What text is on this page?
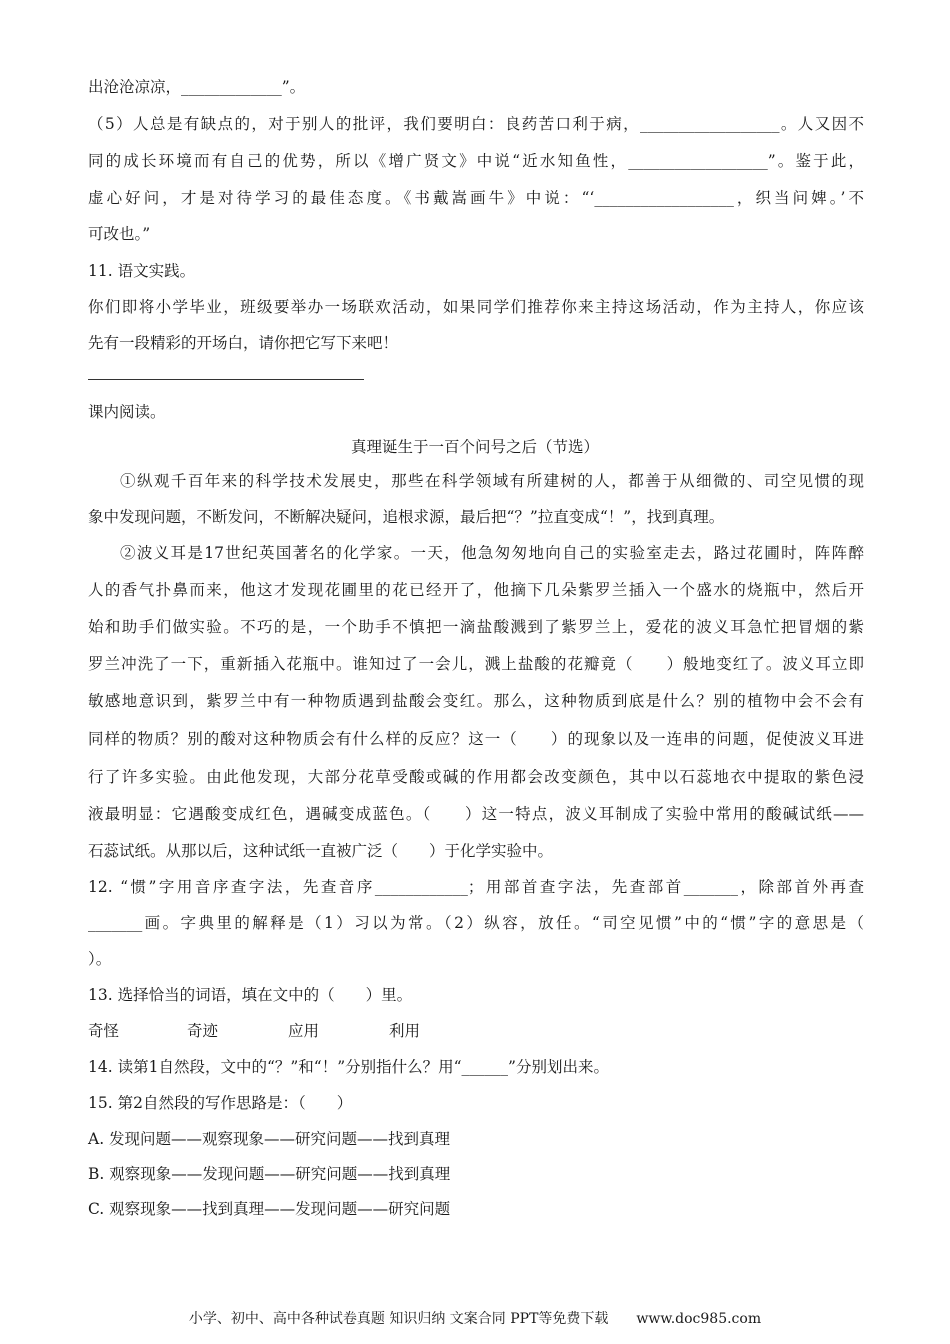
出沧沧凉凉，_____________”。
（5）人总是有缺点的，对于别人的批评，我们要明白：良药苦口利于病，__________________。人又因不
同的成长环境而有自己的优势，所以《增广贤文》中说“近水知鱼性，__________________”。鉴于此，
虚心好问，才是对待学习的最佳态度。《书戴嵩画牛》中说：“‘__________________，织当问婢。’不
可改也。”
11. 语文实践。
你们即将小学毕业，班级要举办一场联欢活动，如果同学们推荐你来主持这场活动，作为主持人，你应该
先有一段精彩的开场白，请你把它写下来吧！
课内阅读。
真理诞生于一百个问号之后（节选）
①纵观千百年来的科学技术发展史，那些在科学领域有所建树的人，都善于从细微的、司空见惯的现
象中发现问题，不断发问，不断解决疑问，追根求源，最后把“？”拉直变成“！”，找到真理。
②波义耳是17世纪英国著名的化学家。一天，他急匆匆地向自己的实验室走去，路过花圃时，阵阵醉
人的香气扑鼻而来，他这才发现花圃里的花已经开了，他摘下几朵紫罗兰插入一个盛水的烧瓶中，然后开
始和助手们做实验。不巧的是，一个助手不慎把一滴盐酸溅到了紫罗兰上，爱花的波义耳急忙把冒烟的紫
罗兰冲洗了一下，重新插入花瓶中。谁知过了一会儿，溅上盐酸的花瓣竟（　　）般地变红了。波义耳立即
敏感地意识到，紫罗兰中有一种物质遇到盐酸会变红。那么，这种物质到底是什么？别的植物中会不会有
同样的物质？别的酸对这种物质会有什么样的反应？这一（　　）的现象以及一连串的问题，促使波义耳进
行了许多实验。由此他发现，大部分花草受酸或碱的作用都会改变颜色，其中以石蕊地衣中提取的紫色浸
液最明显：它遇酸变成红色，遇碱变成蓝色。（　　）这一特点，波义耳制成了实验中常用的酸碱试纸——
石蕊试纸。从那以后，这种试纸一直被广泛（　　）于化学实验中。
12. “惯”字用音序查字法，先查音序____________；用部首查字法，先查部首_______，除部首外再查
_______画。字典里的解释是（1）习以为常。（2）纵容，放任。“司空见惯”中的“惯”字的意思是（
）。
13. 选择恰当的词语，填在文中的（　　）里。
奇怪	奇迹	应用	利用
14. 读第1自然段，文中的“？”和“！”分别指什么？用“______”分别划出来。
15. 第2自然段的写作思路是：（　　）
A. 发现问题——观察现象——研究问题——找到真理
B. 观察现象——发现问题——研究问题——找到真理
C. 观察现象——找到真理——发现问题——研究问题
小学、初中、高中各种试卷真题 知识归纳 文案合同 PPT等免费下载　　www.doc985.com
